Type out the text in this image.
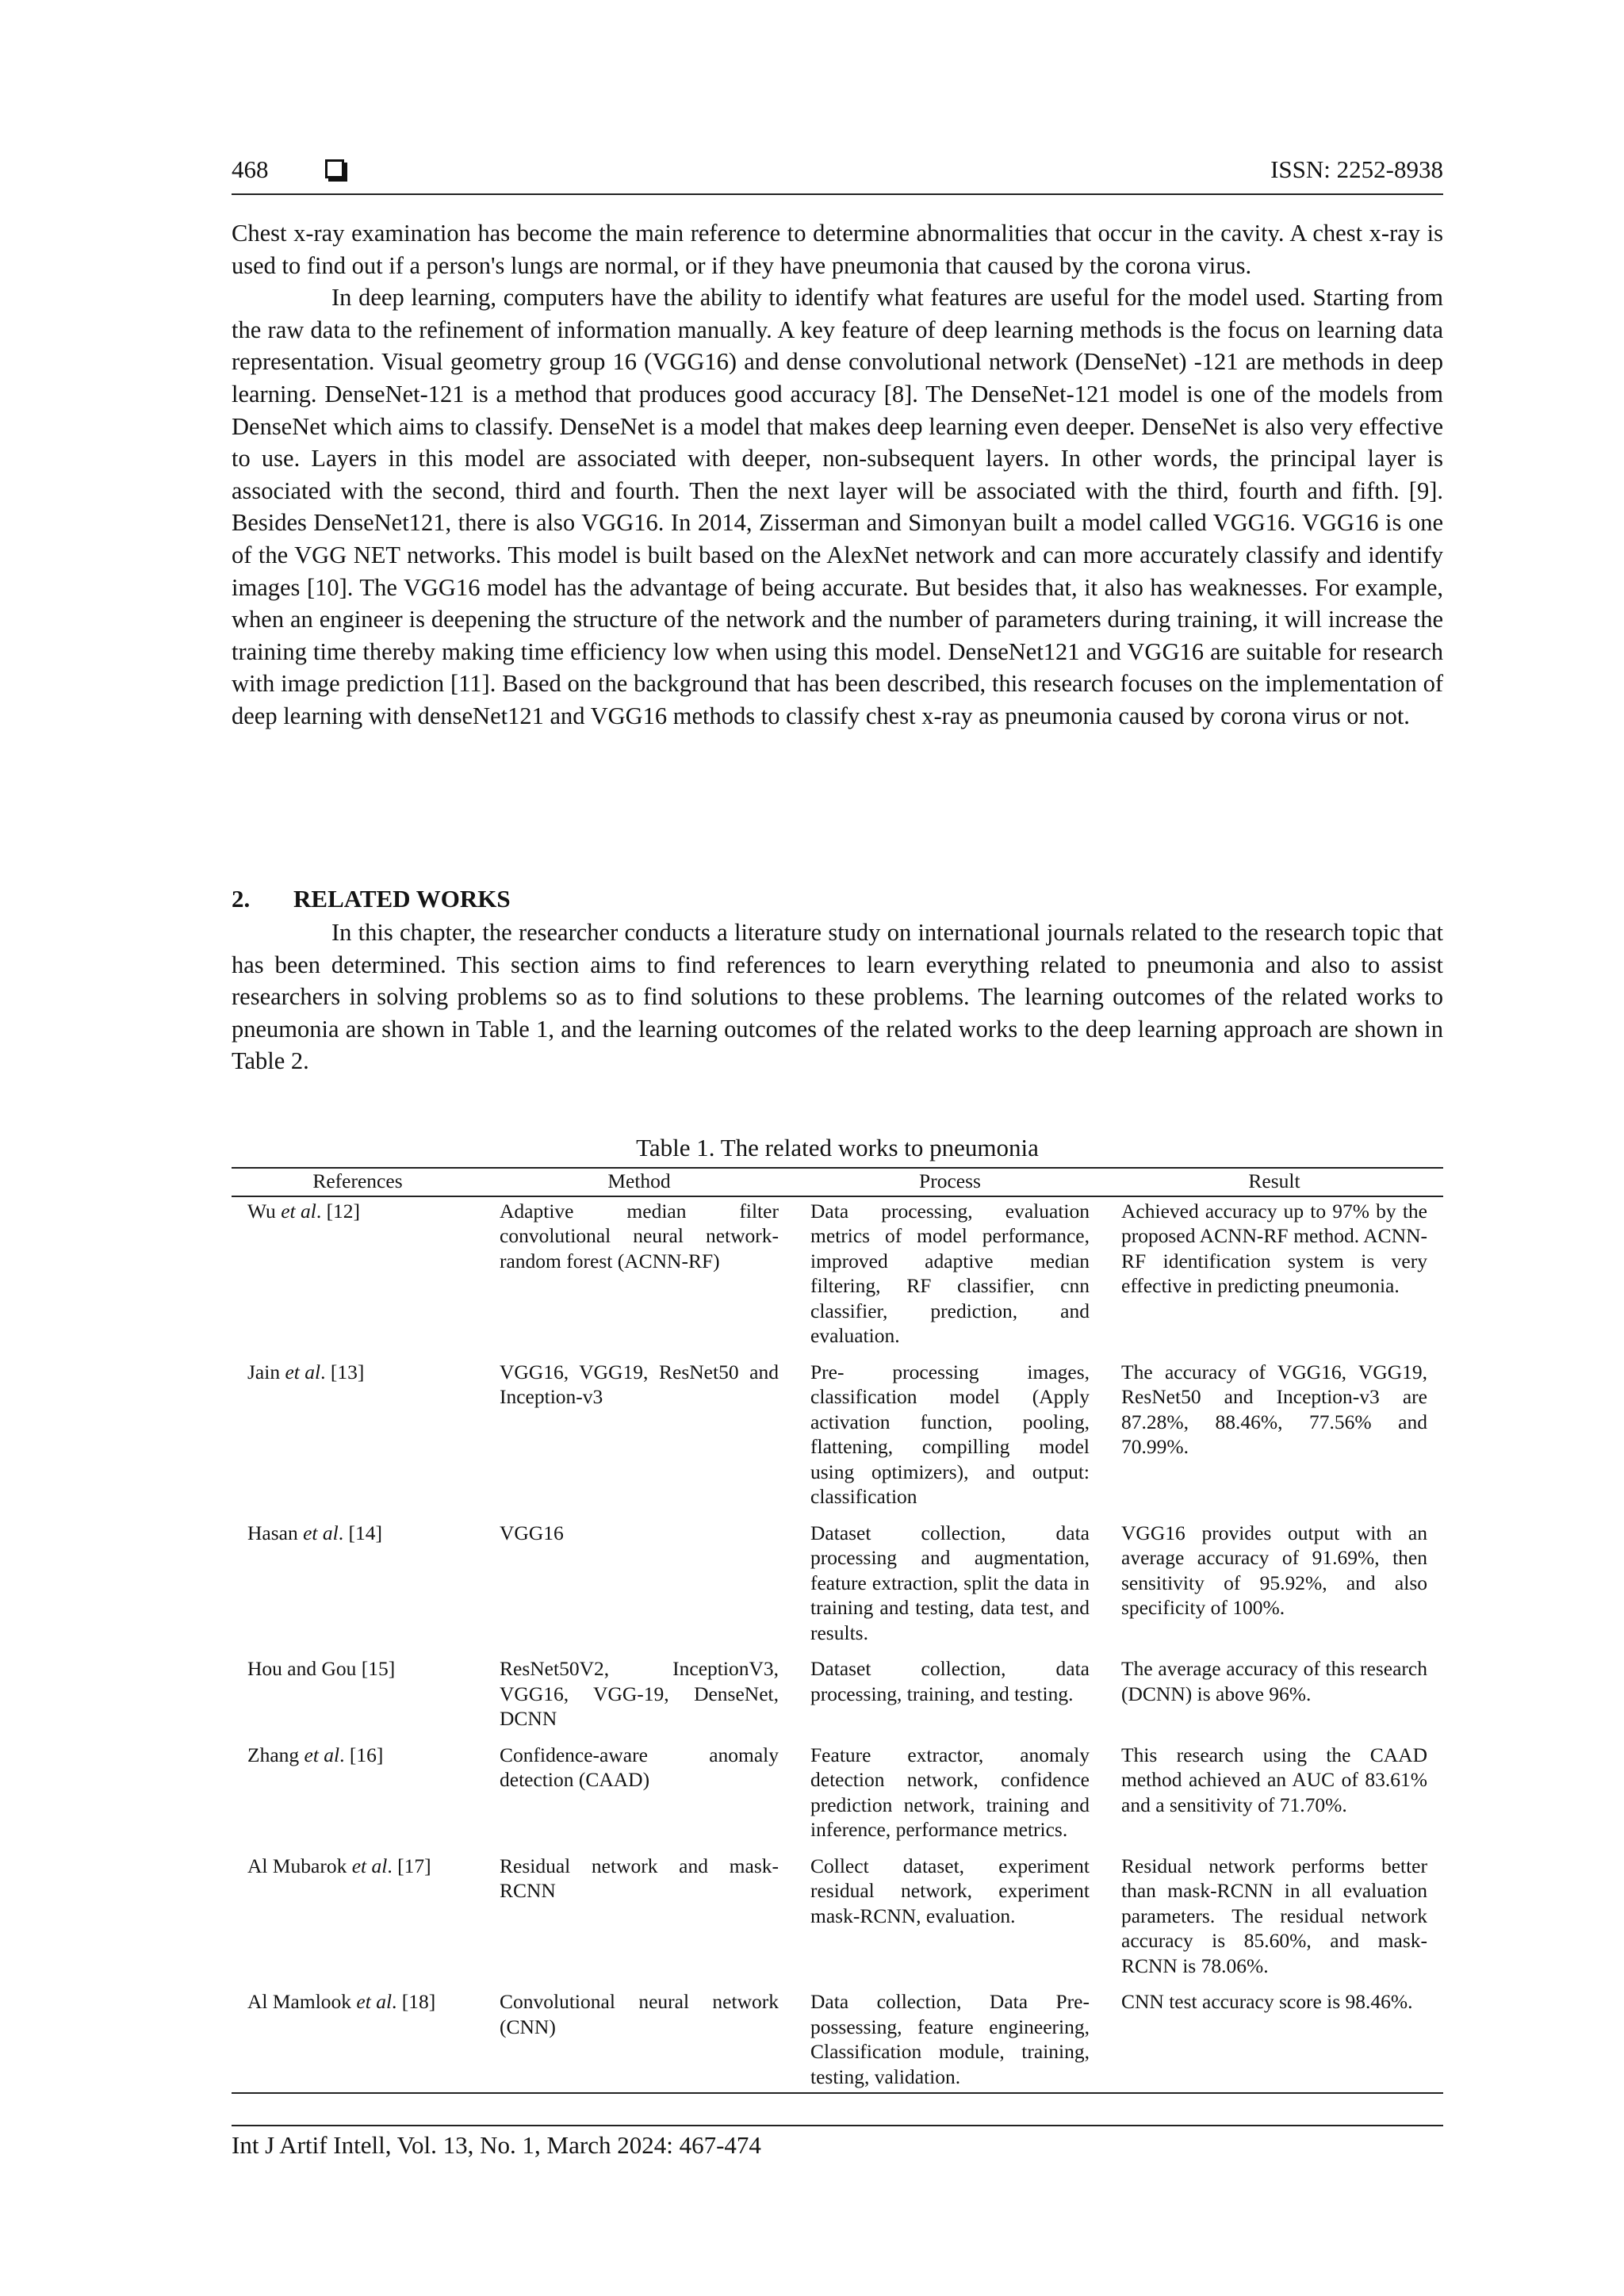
468	ISSN: 2252-8938

Chest x-ray examination has become the main reference to determine abnormalities that occur in the cavity. A chest x-ray is used to find out if a person's lungs are normal, or if they have pneumonia that caused by the corona virus.

In deep learning, computers have the ability to identify what features are useful for the model used. Starting from the raw data to the refinement of information manually. A key feature of deep learning methods is the focus on learning data representation. Visual geometry group 16 (VGG16) and dense convolutional network (DenseNet) -121 are methods in deep learning. DenseNet-121 is a method that produces good accuracy [8]. The DenseNet-121 model is one of the models from DenseNet which aims to classify. DenseNet is a model that makes deep learning even deeper. DenseNet is also very effective to use. Layers in this model are associated with deeper, non-subsequent layers. In other words, the principal layer is associated with the second, third and fourth. Then the next layer will be associated with the third, fourth and fifth. [9]. Besides DenseNet121, there is also VGG16. In 2014, Zisserman and Simonyan built a model called VGG16. VGG16 is one of the VGG NET networks. This model is built based on the AlexNet network and can more accurately classify and identify images [10]. The VGG16 model has the advantage of being accurate. But besides that, it also has weaknesses. For example, when an engineer is deepening the structure of the network and the number of parameters during training, it will increase the training time thereby making time efficiency low when using this model. DenseNet121 and VGG16 are suitable for research with image prediction [11]. Based on the background that has been described, this research focuses on the implementation of deep learning with denseNet121 and VGG16 methods to classify chest x-ray as pneumonia caused by corona virus or not.

2. RELATED WORKS

In this chapter, the researcher conducts a literature study on international journals related to the research topic that has been determined. This section aims to find references to learn everything related to pneumonia and also to assist researchers in solving problems so as to find solutions to these problems. The learning outcomes of the related works to pneumonia are shown in Table 1, and the learning outcomes of the related works to the deep learning approach are shown in Table 2.

Table 1. The related works to pneumonia
References	Method	Process	Result
Wu et al. [12]	Adaptive median filter convolutional neural network-random forest (ACNN-RF)	Data processing, evaluation metrics of model performance, improved adaptive median filtering, RF classifier, cnn classifier, prediction, and evaluation.	Achieved accuracy up to 97% by the proposed ACNN-RF method. ACNN-RF identification system is very effective in predicting pneumonia.
Jain et al. [13]	VGG16, VGG19, ResNet50 and Inception-v3	Pre- processing images, classification model (Apply activation function, pooling, flattening, compilling model using optimizers), and output: classification	The accuracy of VGG16, VGG19, ResNet50 and Inception-v3 are 87.28%, 88.46%, 77.56% and 70.99%.
Hasan et al. [14]	VGG16	Dataset collection, data processing and augmentation, feature extraction, split the data in training and testing, data test, and results.	VGG16 provides output with an average accuracy of 91.69%, then sensitivity of 95.92%, and also specificity of 100%.
Hou and Gou [15]	ResNet50V2, InceptionV3, VGG16, VGG-19, DenseNet, DCNN	Dataset collection, data processing, training, and testing.	The average accuracy of this research (DCNN) is above 96%.
Zhang et al. [16]	Confidence-aware anomaly detection (CAAD)	Feature extractor, anomaly detection network, confidence prediction network, training and inference, performance metrics.	This research using the CAAD method achieved an AUC of 83.61% and a sensitivity of 71.70%.
Al Mubarok et al. [17]	Residual network and mask-RCNN	Collect dataset, experiment residual network, experiment mask-RCNN, evaluation.	Residual network performs better than mask-RCNN in all evaluation parameters. The residual network accuracy is 85.60%, and mask-RCNN is 78.06%.
Al Mamlook et al. [18]	Convolutional neural network (CNN)	Data collection, Data Pre-possessing, feature engineering, Classification module, training, testing, validation.	CNN test accuracy score is 98.46%.
Int J Artif Intell, Vol. 13, No. 1, March 2024: 467-474
